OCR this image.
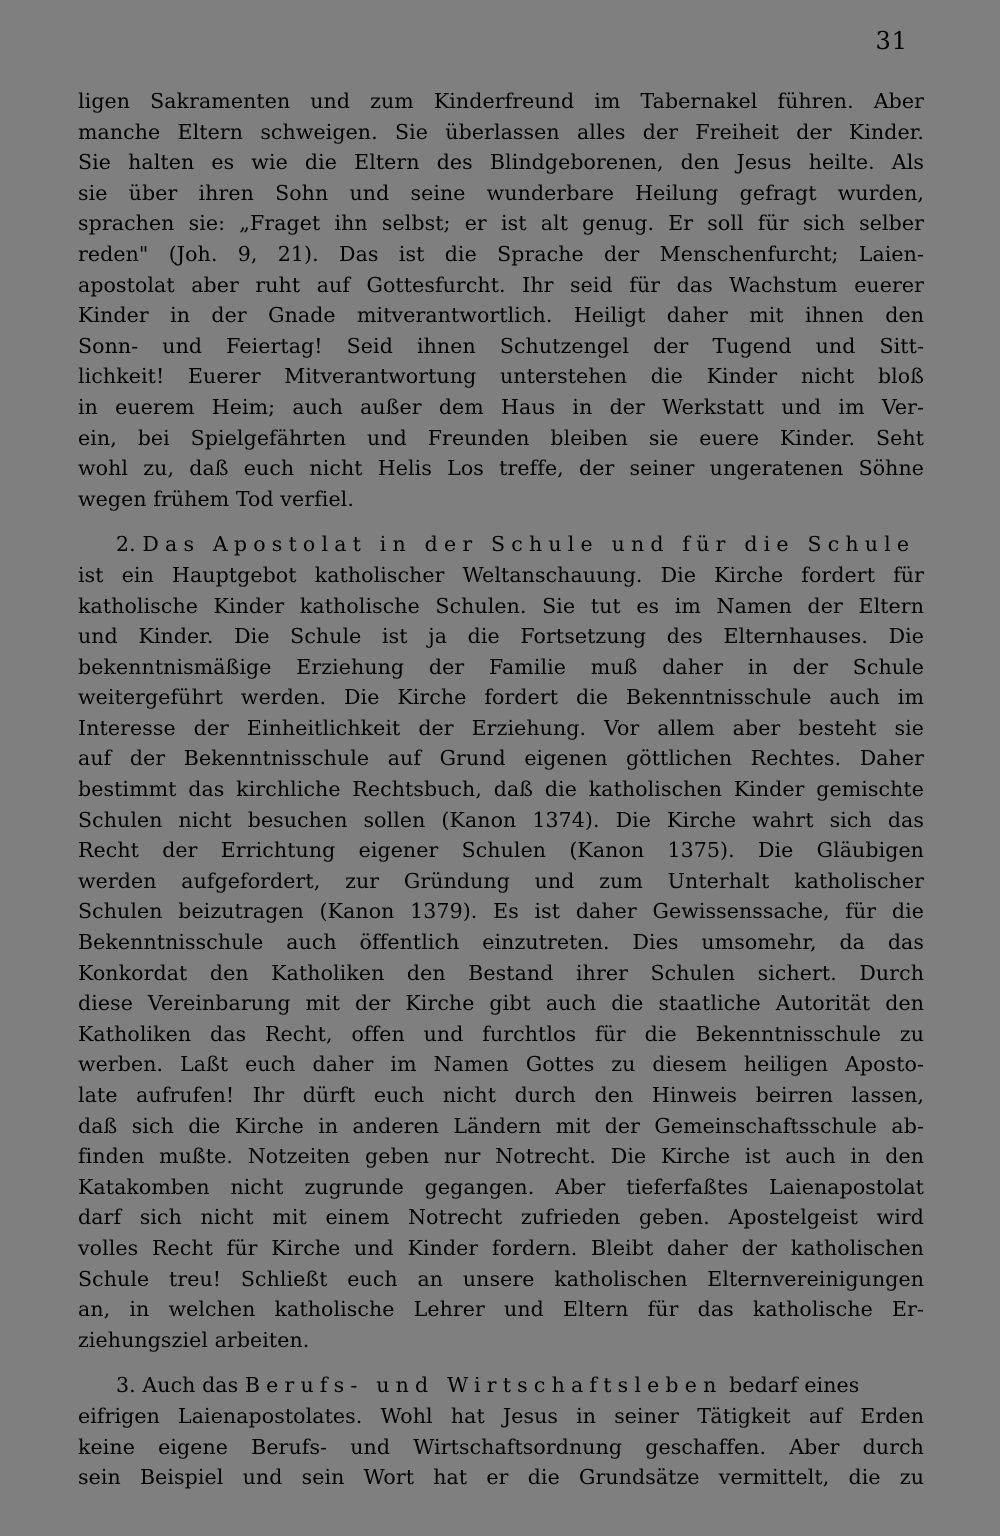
31
ligen Sakramenten und zum Kinderfreund im Tabernakel führen. Aber
manche Eltern schweigen. Sie überlassen alles der Freiheit der Kinder.
Sie halten es wie die Eltern des Blindgeborenen, den Jesus heilte. Als
sie über ihren Sohn und seine wunderbare Heilung gefragt wurden,
sprachen sie: „Fraget ihn selbst; er ist alt genug. Er soll für sich selber
reden" (Joh. 9, 21). Das ist die Sprache der Menschenfurcht; Laien-
apostolat aber ruht auf Gottesfurcht. Ihr seid für das Wachstum euerer
Kinder in der Gnade mitverantwortlich. Heiligt daher mit ihnen den
Sonn- und Feiertag! Seid ihnen Schutzengel der Tugend und Sitt-
lichkeit! Euerer Mitverantwortung unterstehen die Kinder nicht bloß
in euerem Heim; auch außer dem Haus in der Werkstatt und im Ver-
ein, bei Spielgefährten und Freunden bleiben sie euere Kinder. Seht
wohl zu, daß euch nicht Helis Los treffe, der seiner ungeratenen Söhne
wegen frühem Tod verfiel.
2. Das Apostolat in der Schule und für die Schule
ist ein Hauptgebot katholischer Weltanschauung. Die Kirche fordert für
katholische Kinder katholische Schulen. Sie tut es im Namen der Eltern
und Kinder. Die Schule ist ja die Fortsetzung des Elternhauses. Die
bekenntnismäßige Erziehung der Familie muß daher in der Schule
weitergeführt werden. Die Kirche fordert die Bekenntnisschule auch im
Interesse der Einheitlichkeit der Erziehung. Vor allem aber besteht sie
auf der Bekenntnisschule auf Grund eigenen göttlichen Rechtes. Daher
bestimmt das kirchliche Rechtsbuch, daß die katholischen Kinder gemischte
Schulen nicht besuchen sollen (Kanon 1374). Die Kirche wahrt sich das
Recht der Errichtung eigener Schulen (Kanon 1375). Die Gläubigen
werden aufgefordert, zur Gründung und zum Unterhalt katholischer
Schulen beizutragen (Kanon 1379). Es ist daher Gewissenssache, für die
Bekenntnisschule auch öffentlich einzutreten. Dies umsomehr, da das
Konkordat den Katholiken den Bestand ihrer Schulen sichert. Durch
diese Vereinbarung mit der Kirche gibt auch die staatliche Autorität den
Katholiken das Recht, offen und furchtlos für die Bekenntnisschule zu
werben. Laßt euch daher im Namen Gottes zu diesem heiligen Aposto-
late aufrufen! Ihr dürft euch nicht durch den Hinweis beirren lassen,
daß sich die Kirche in anderen Ländern mit der Gemeinschaftsschule ab-
finden mußte. Notzeiten geben nur Notrecht. Die Kirche ist auch in den
Katakomben nicht zugrunde gegangen. Aber tieferfaßtes Laienapostolat
darf sich nicht mit einem Notrecht zufrieden geben. Apostelgeist wird
volles Recht für Kirche und Kinder fordern. Bleibt daher der katholischen
Schule treu! Schließt euch an unsere katholischen Elternvereinigungen
an, in welchen katholische Lehrer und Eltern für das katholische Er-
ziehungsziel arbeiten.
3. Auch das Berufs- und Wirtschaftsleben bedarf eines
eifrigen Laienapostolates. Wohl hat Jesus in seiner Tätigkeit auf Erden
keine eigene Berufs- und Wirtschaftsordnung geschaffen. Aber durch
sein Beispiel und sein Wort hat er die Grundsätze vermittelt, die zu
